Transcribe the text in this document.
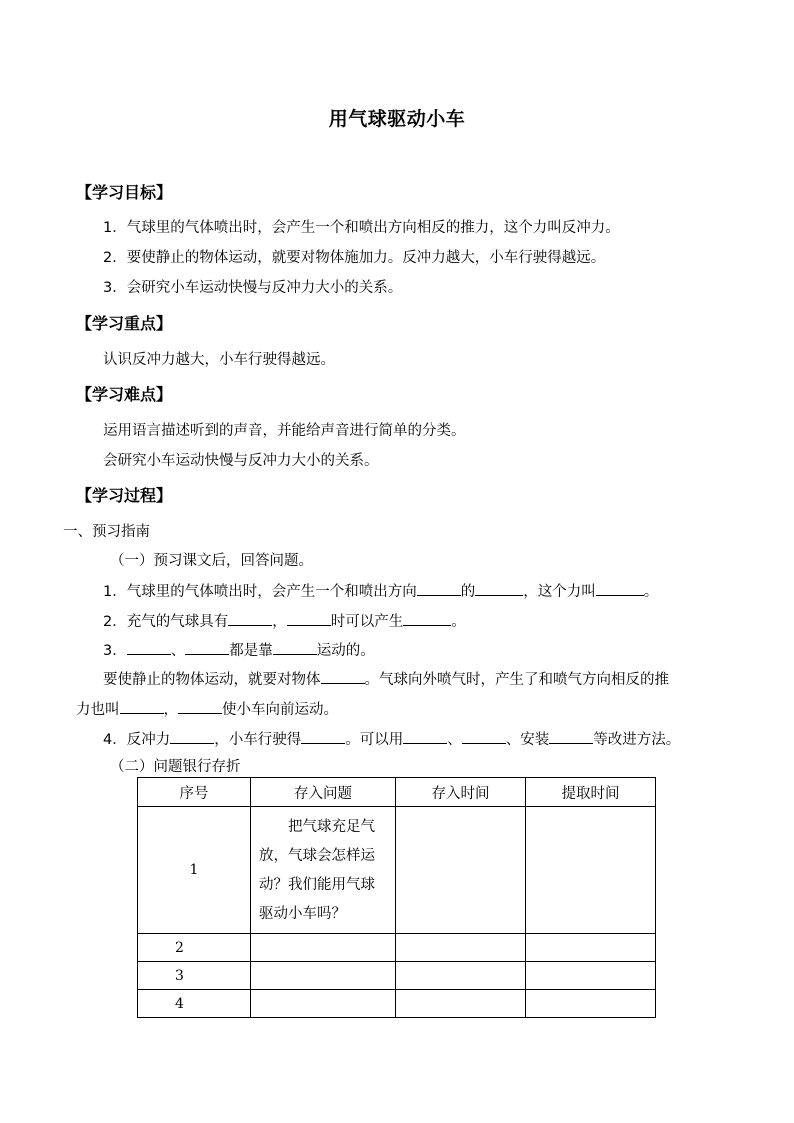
用气球驱动小车
【学习目标】
1．气球里的气体喷出时，会产生一个和喷出方向相反的推力，这个力叫反冲力。
2．要使静止的物体运动，就要对物体施加力。反冲力越大，小车行驶得越远。
3．会研究小车运动快慢与反冲力大小的关系。
【学习重点】
认识反冲力越大，小车行驶得越远。
【学习难点】
运用语言描述听到的声音，并能给声音进行简单的分类。
会研究小车运动快慢与反冲力大小的关系。
【学习过程】
一、预习指南
（一）预习课文后，回答问题。
1．气球里的气体喷出时，会产生一个和喷出方向	的	，这个力叫	。
2．充气的气球具有	，	时可以产生	。
3．	、	都是靠	运动的。
要使静止的物体运动，就要对物体	。气球向外喷气时，产生了和喷气方向相反的推
力也叫	，	使小车向前运动。
4．反冲力	，小车行驶得	。可以用	、	、安装	等改进方法。
（二）问题银行存折
序号	存入问题	存入时间	提取时间
1	把气球充足气放，气球会怎样运动？我们能用气球驱动小车吗？		

2			
3			
4			
